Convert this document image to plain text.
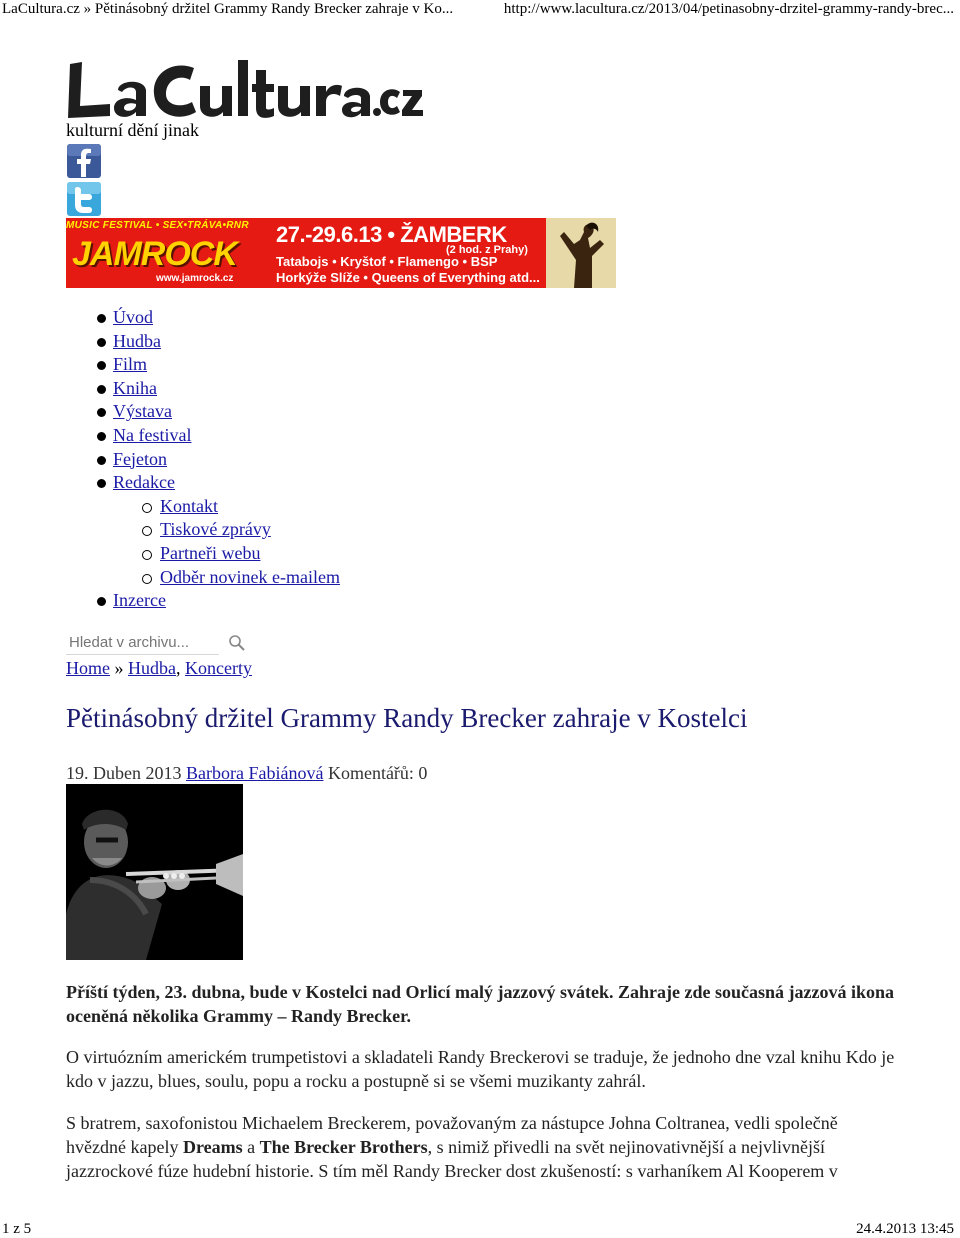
LaCultura.cz » Pětinásobný držitel Grammy Randy Brecker zahraje v Ko...	http://www.lacultura.cz/2013/04/petinasobny-drzitel-grammy-randy-brec...
kulturní dění jinak
MUSIC FESTIVAL • SEX•TRÁVA•RNR
JAMROCK
www.jamrock.cz
27.-29.6.13 • ŽAMBERK
(2 hod. z Prahy)
Tatabojs • Kryštof • Flamengo • BSP
Horkýže Slíže • Queens of Everything atd...
Úvod
Hudba
Film
Kniha
Výstava
Na festival
Fejeton
Redakce
Kontakt
Tiskové zprávy
Partneři webu
Odběr novinek e-mailem
Inzerce
Hledat v archivu...
Home » Hudba, Koncerty
Pětinásobný držitel Grammy Randy Brecker zahraje v Kostelci
19. Duben 2013 Barbora Fabiánová Komentářů: 0

Příští týden, 23. dubna, bude v Kostelci nad Orlicí malý jazzový svátek. Zahraje zde současná jazzová ikona oceněná několika Grammy – Randy Brecker.

O virtuózním americkém trumpetistovi a skladateli Randy Breckerovi se traduje, že jednoho dne vzal knihu Kdo je kdo v jazzu, blues, soulu, popu a rocku a postupně si se všemi muzikanty zahrál.

S bratrem, saxofonistou Michaelem Breckerem, považovaným za nástupce Johna Coltranea, vedli společně hvězdné kapely Dreams a The Brecker Brothers, s nimiž přivedli na svět nejinovativnější a nejvlivnější jazzrockové fúze hudební historie. S tím měl Randy Brecker dost zkušeností: s varhaníkem Al Kooperem v

1 z 5	24.4.2013 13:45
